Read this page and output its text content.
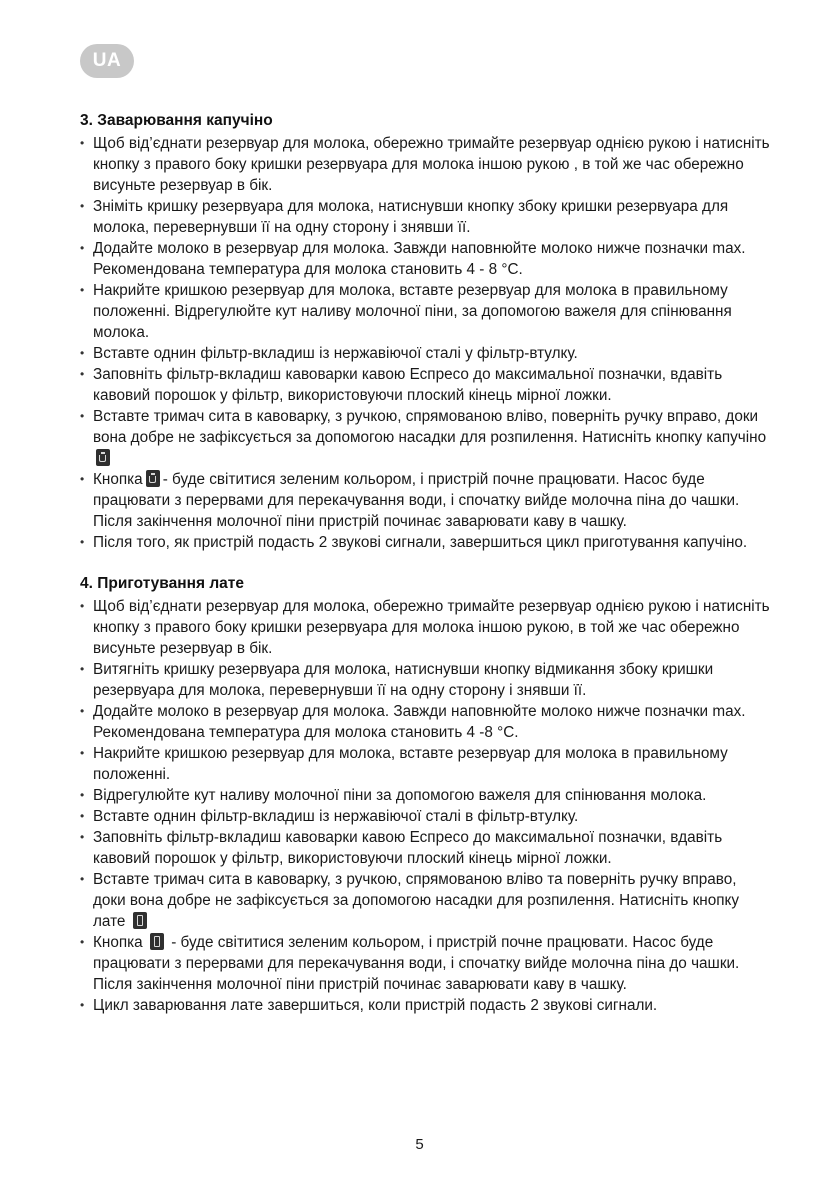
UA
3. Заварювання капучіно
• Щоб від’єднати резервуар для молока, обережно тримайте резервуар однією рукою і натисніть кнопку з правого боку кришки резервуара для молока іншою рукою , в той же час обережно висуньте резервуар в бік.
• Зніміть кришку резервуара для молока, натиснувши кнопку збоку кришки резервуара для молока, перевернувши її на одну сторону і знявши її.
• Додайте молоко в резервуар для молока. Завжди наповнюйте молоко нижче позначки max. Рекомендована температура для молока становить 4 - 8 °C.
• Накрийте кришкою резервуар для молока, вставте резервуар для молока в правильному положенні. Відрегулюйте кут наливу молочної піни, за допомогою важеля для спінювання молока.
• Вставте однин фільтр-вкладиш із нержавіючої сталі у фільтр-втулку.
• Заповніть фільтр-вкладиш кавоварки кавою Еспресо до максимальної позначки, вдавіть кавовий порошок у фільтр, використовуючи плоский кінець мірної ложки.
• Вставте тримач сита в кавоварку, з ручкою, спрямованою вліво, поверніть ручку вправо, доки вона добре не зафіксується за допомогою насадки для розпилення. Натисніть кнопку капучіно
• Кнопка - буде світитися зеленим кольором, і пристрій почне працювати. Насос буде працювати з перервами для перекачування води, і спочатку вийде молочна піна до чашки. Після закінчення молочної піни пристрій починає заварювати каву в чашку.
• Після того, як пристрій подасть 2 звукові сигнали, завершиться цикл приготування капучіно.
4. Приготування лате
• Щоб від’єднати резервуар для молока, обережно тримайте резервуар однією рукою і натисніть кнопку з правого боку кришки резервуара для молока іншою рукою, в той же час обережно висуньте резервуар в бік.
• Витягніть кришку резервуара для молока, натиснувши кнопку відмикання збоку кришки резервуара для молока, перевернувши її на одну сторону і знявши її.
• Додайте молоко в резервуар для молока. Завжди наповнюйте молоко нижче позначки max. Рекомендована температура для молока становить 4 -8 °C.
• Накрийте кришкою резервуар для молока, вставте резервуар для молока в правильному положенні.
• Відрегулюйте кут наливу молочної піни за допомогою важеля для спінювання молока.
• Вставте однин фільтр-вкладиш із нержавіючої сталі в фільтр-втулку.
• Заповніть фільтр-вкладиш кавоварки кавою Еспресо до максимальної позначки, вдавіть кавовий порошок у фільтр, використовуючи плоский кінець мірної ложки.
• Вставте тримач сита в кавоварку, з ручкою, спрямованою вліво та поверніть ручку вправо, доки вона добре не зафіксується за допомогою насадки для розпилення. Натисніть кнопку лате
• Кнопка - буде світитися зеленим кольором, і пристрій почне працювати. Насос буде працювати з перервами для перекачування води, і спочатку вийде молочна піна до чашки. Після закінчення молочної піни пристрій починає заварювати каву в чашку.
• Цикл заварювання лате завершиться, коли пристрій подасть 2 звукові сигнали.
5
